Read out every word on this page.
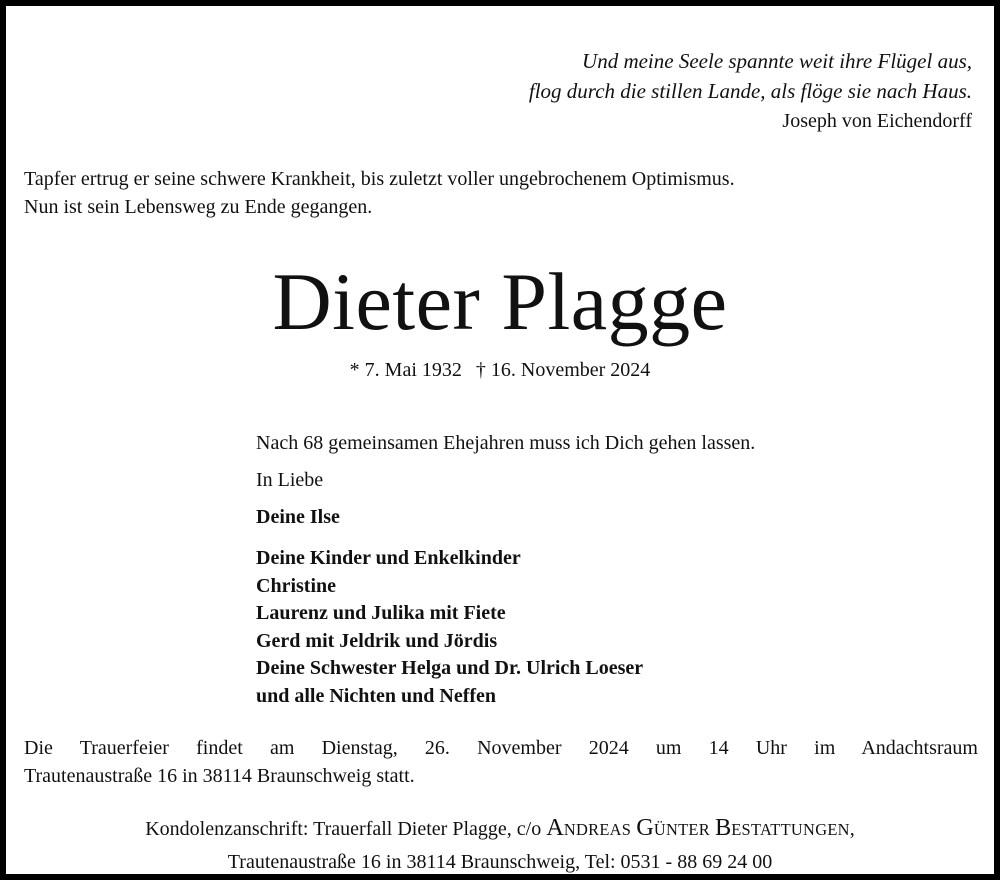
Und meine Seele spannte weit ihre Flügel aus,
flog durch die stillen Lande, als flöge sie nach Haus.
Joseph von Eichendorff
Tapfer ertrug er seine schwere Krankheit, bis zuletzt voller ungebrochenem Optimismus.
Nun ist sein Lebensweg zu Ende gegangen.
Dieter Plagge
* 7. Mai 1932 † 16. November 2024
Nach 68 gemeinsamen Ehejahren muss ich Dich gehen lassen.
In Liebe
Deine Ilse
Deine Kinder und Enkelkinder
Christine
Laurenz und Julika mit Fiete
Gerd mit Jeldrik und Jördis
Deine Schwester Helga und Dr. Ulrich Loeser
und alle Nichten und Neffen
Die Trauerfeier findet am Dienstag, 26. November 2024 um 14 Uhr im Andachtsraum
Trautenaustraße 16 in 38114 Braunschweig statt.
Kondolenzanschrift: Trauerfall Dieter Plagge, c/o ANDREAS GÜNTER BESTATTUNGEN,
Trautenaustraße 16 in 38114 Braunschweig, Tel: 0531 - 88 69 24 00
